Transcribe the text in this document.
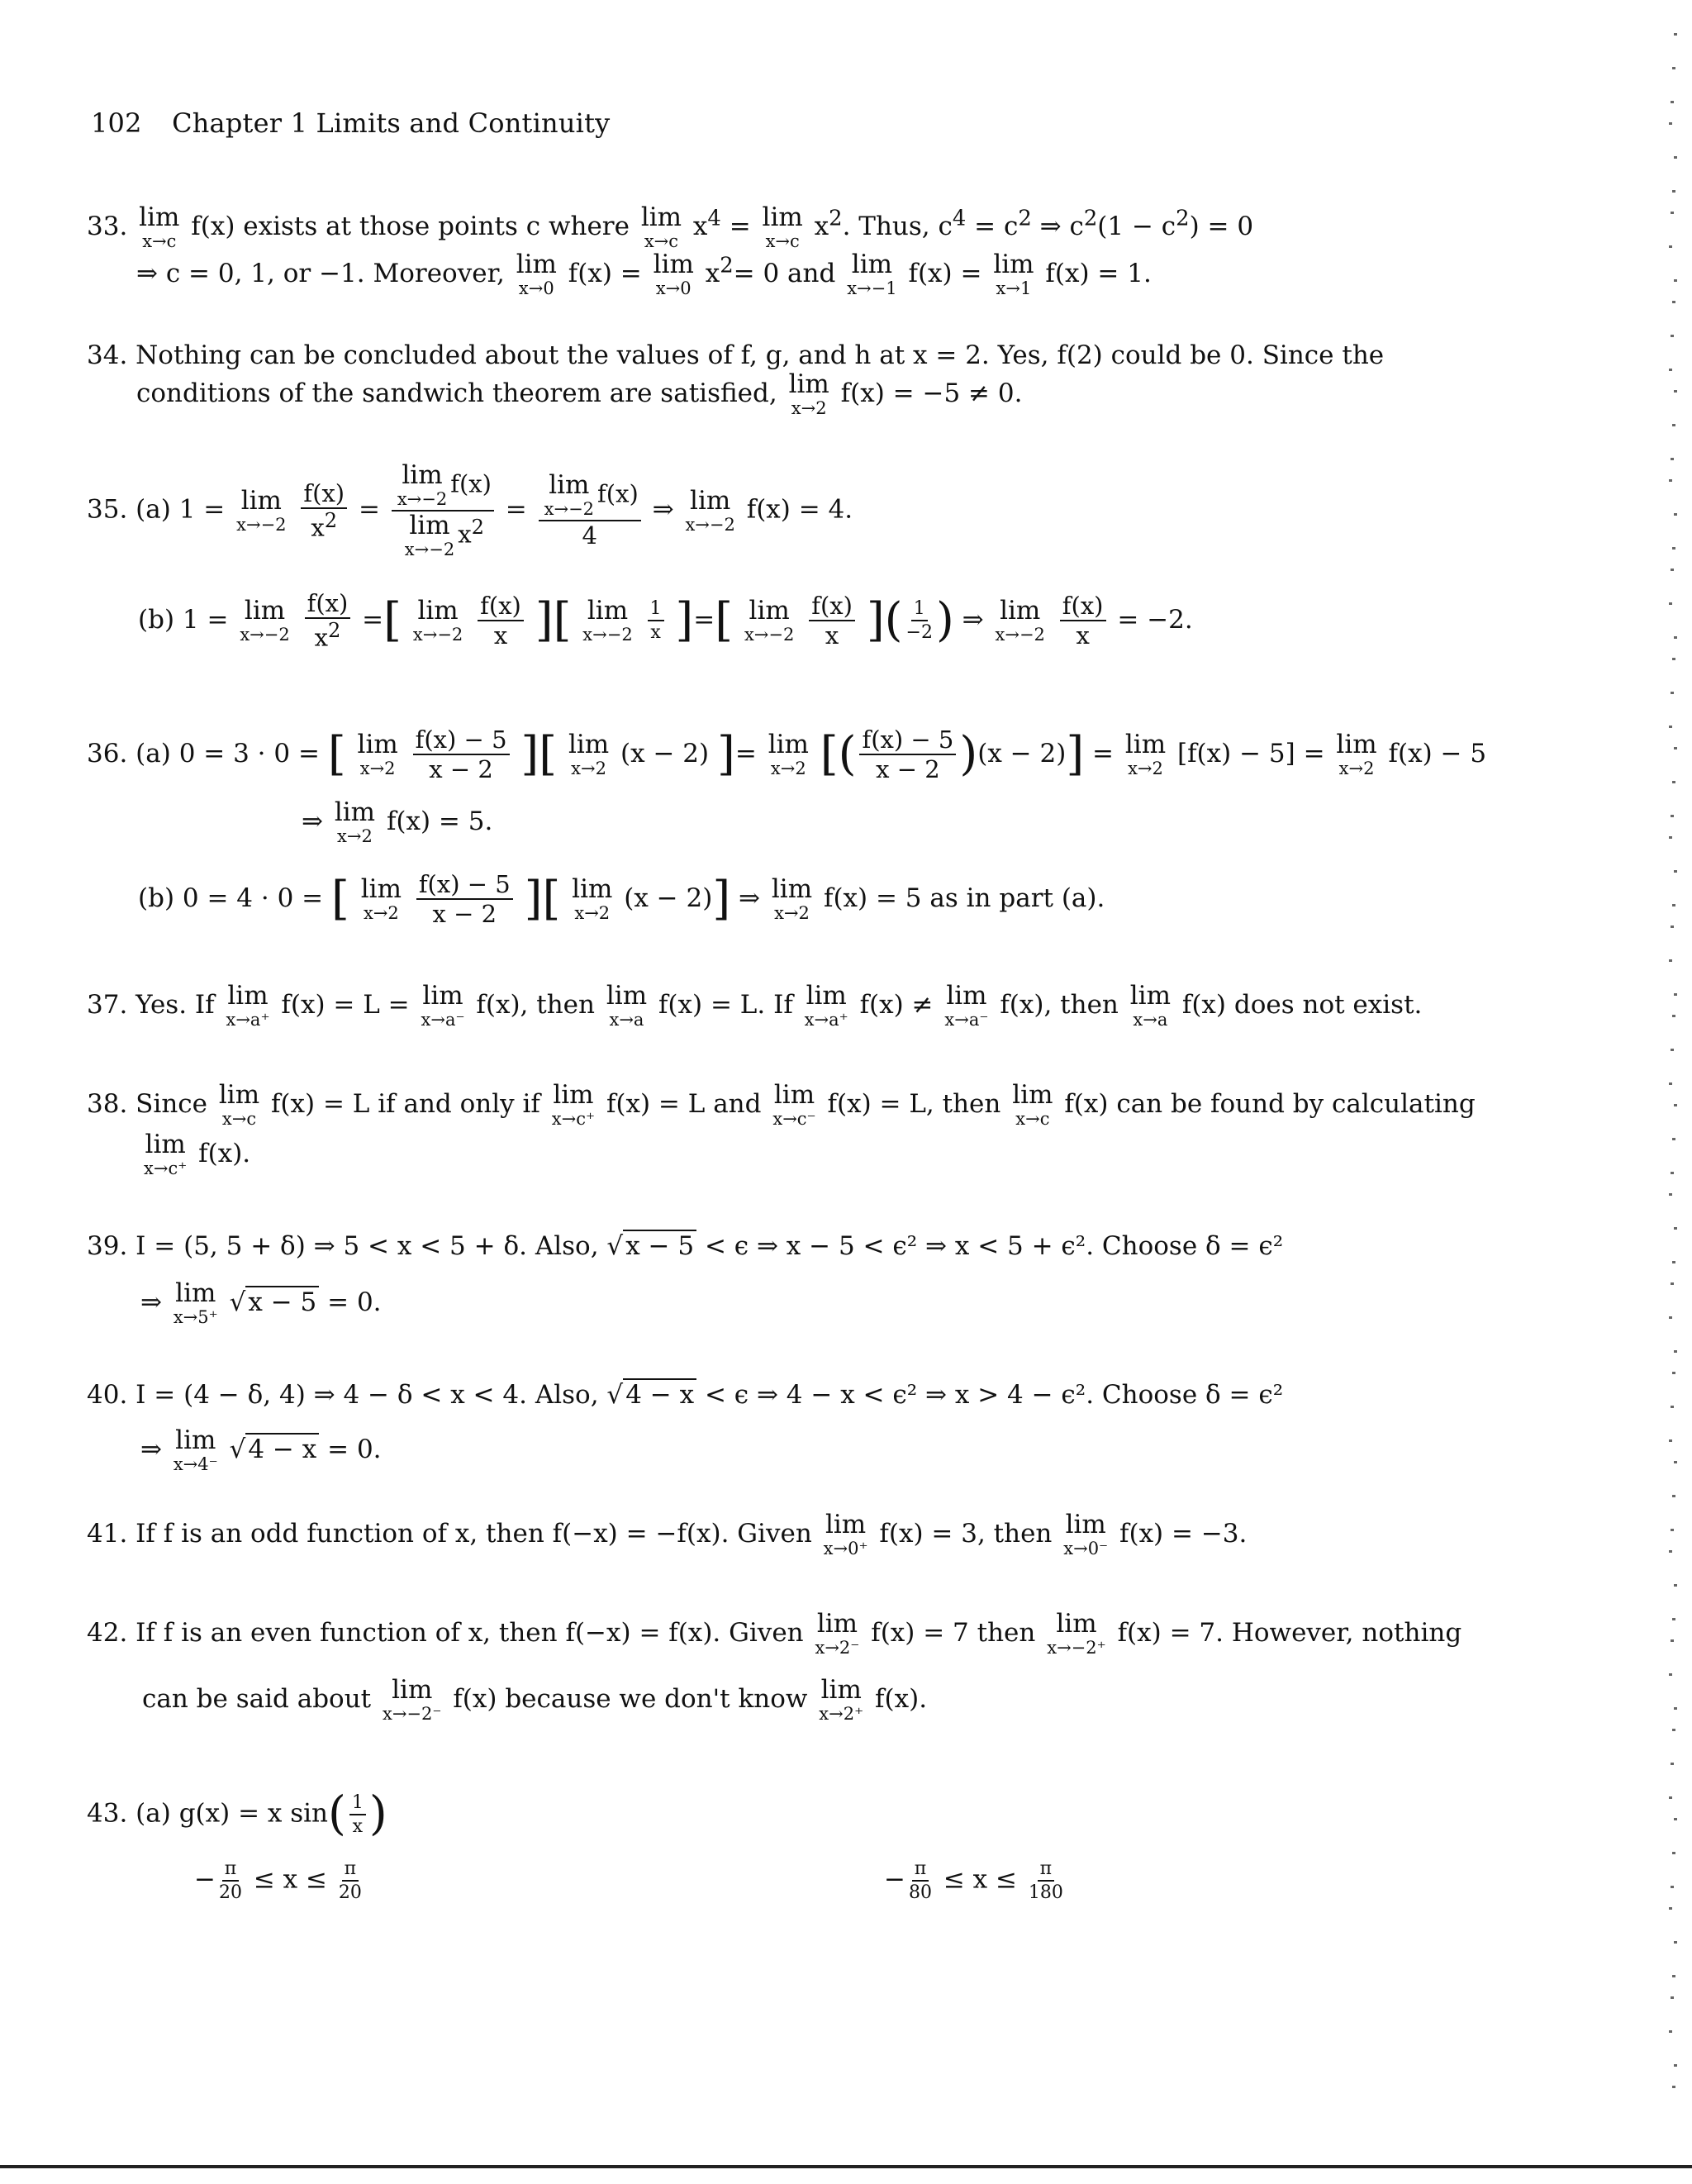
102 Chapter 1 Limits and Continuity
33. lim
x→c f(x) exists at those points c where lim
x→c $x^4 = \lim$
x→c $x^2$. Thus, $c^4 = c^2$ ⇒ $c^2(1 - c^2) = 0$
⇒ c = 0, 1, or −1. Moreover, lim
x→0 f(x) = lim
x→0 $x^2= 0$ and lim
x→−1 f(x) = lim
x→1 f(x) = 1.
34. Nothing can be concluded about the values of f, g, and h at x = 2. Yes, f(2) could be 0. Since the
conditions of the sandwich theorem are satisfied, lim
x→2 f(x) = −5 ≠ 0.
35. (a) 1 = lim
x→−2
$\frac{f(x)}{x^2} = \lim$
x→−2
f(x)
lim
x→−2
$x^2 = \lim$
x→−2
f(x)
4 ⇒ lim
x→−2 f(x) = 4.
(b) 1 = lim
x→−2
$\frac{f(x)}{x^2}$ =[ lim
x→−2
$\frac{f(x)}{x}$ ][ lim
x→−2
$\frac{1}{x}$ ]=[ lim
x→−2
$\frac{f(x)}{x}$ ]( $\frac{1}{-2}$ ) ⇒ lim
x→−2
$\frac{f(x)}{x} = -2$.
36. (a) 0 = 3 · 0 = [ lim
x→2
$\frac{f(x) - 5}{x - 2}$ ][ lim
x→2 (x − 2) ]= lim
x→2 [( $\frac{f(x) - 5}{x - 2} )(x - 2)] = \lim$
x→2 [f(x) − 5] = lim
x→2 f(x) − 5
⇒ lim
x→2 f(x) = 5.
(b) 0 = 4 · 0 = [ lim
x→2
$\frac{f(x) - 5}{x - 2}$ ][ lim
x→2 (x − 2)] ⇒ lim
x→2 f(x) = 5 as in part (a).
37. Yes. If lim
x→a⁺ f(x) = L = lim
x→a⁻ f(x), then lim
x→a f(x) = L. If lim
x→a⁺ f(x) ≠ lim
x→a⁻ f(x), then lim
x→a f(x) does not exist.
38. Since lim
x→c f(x) = L if and only if lim
x→c⁺ f(x) = L and lim
x→c⁻ f(x) = L, then lim
x→c f(x) can be found by calculating
lim
x→c⁺ f(x).
39. I = (5, 5 + δ) ⇒ 5 < x < 5 + δ. Also, √x − 5 < ϵ ⇒ x − 5 < ϵ² ⇒ x < 5 + ϵ². Choose δ = ϵ²
⇒ lim
x→5⁺ √x − 5 = 0.
40. I = (4 − δ, 4) ⇒ 4 − δ < x < 4. Also, √4 − x < ϵ ⇒ 4 − x < ϵ² ⇒ x > 4 − ϵ². Choose δ = ϵ²
⇒ lim
x→4⁻ √4 − x = 0.
41. If f is an odd function of x, then f(−x) = −f(x). Given lim
x→0⁺ f(x) = 3, then lim
x→0⁻ f(x) = −3.
42. If f is an even function of x, then f(−x) = f(x). Given lim
x→2⁻ f(x) = 7 then lim
x→−2⁺ f(x) = 7. However, nothing
can be said about lim
x→−2⁻ f(x) because we don't know lim
x→2⁺ f(x).
43. (a) g(x) = x $\sin( \frac{1}{x}$ )
− $\frac{\pi}{20} \le x \le \frac{\pi}{20}$	− $\frac{\pi}{80} \le x \le \frac{\pi}{180}$
